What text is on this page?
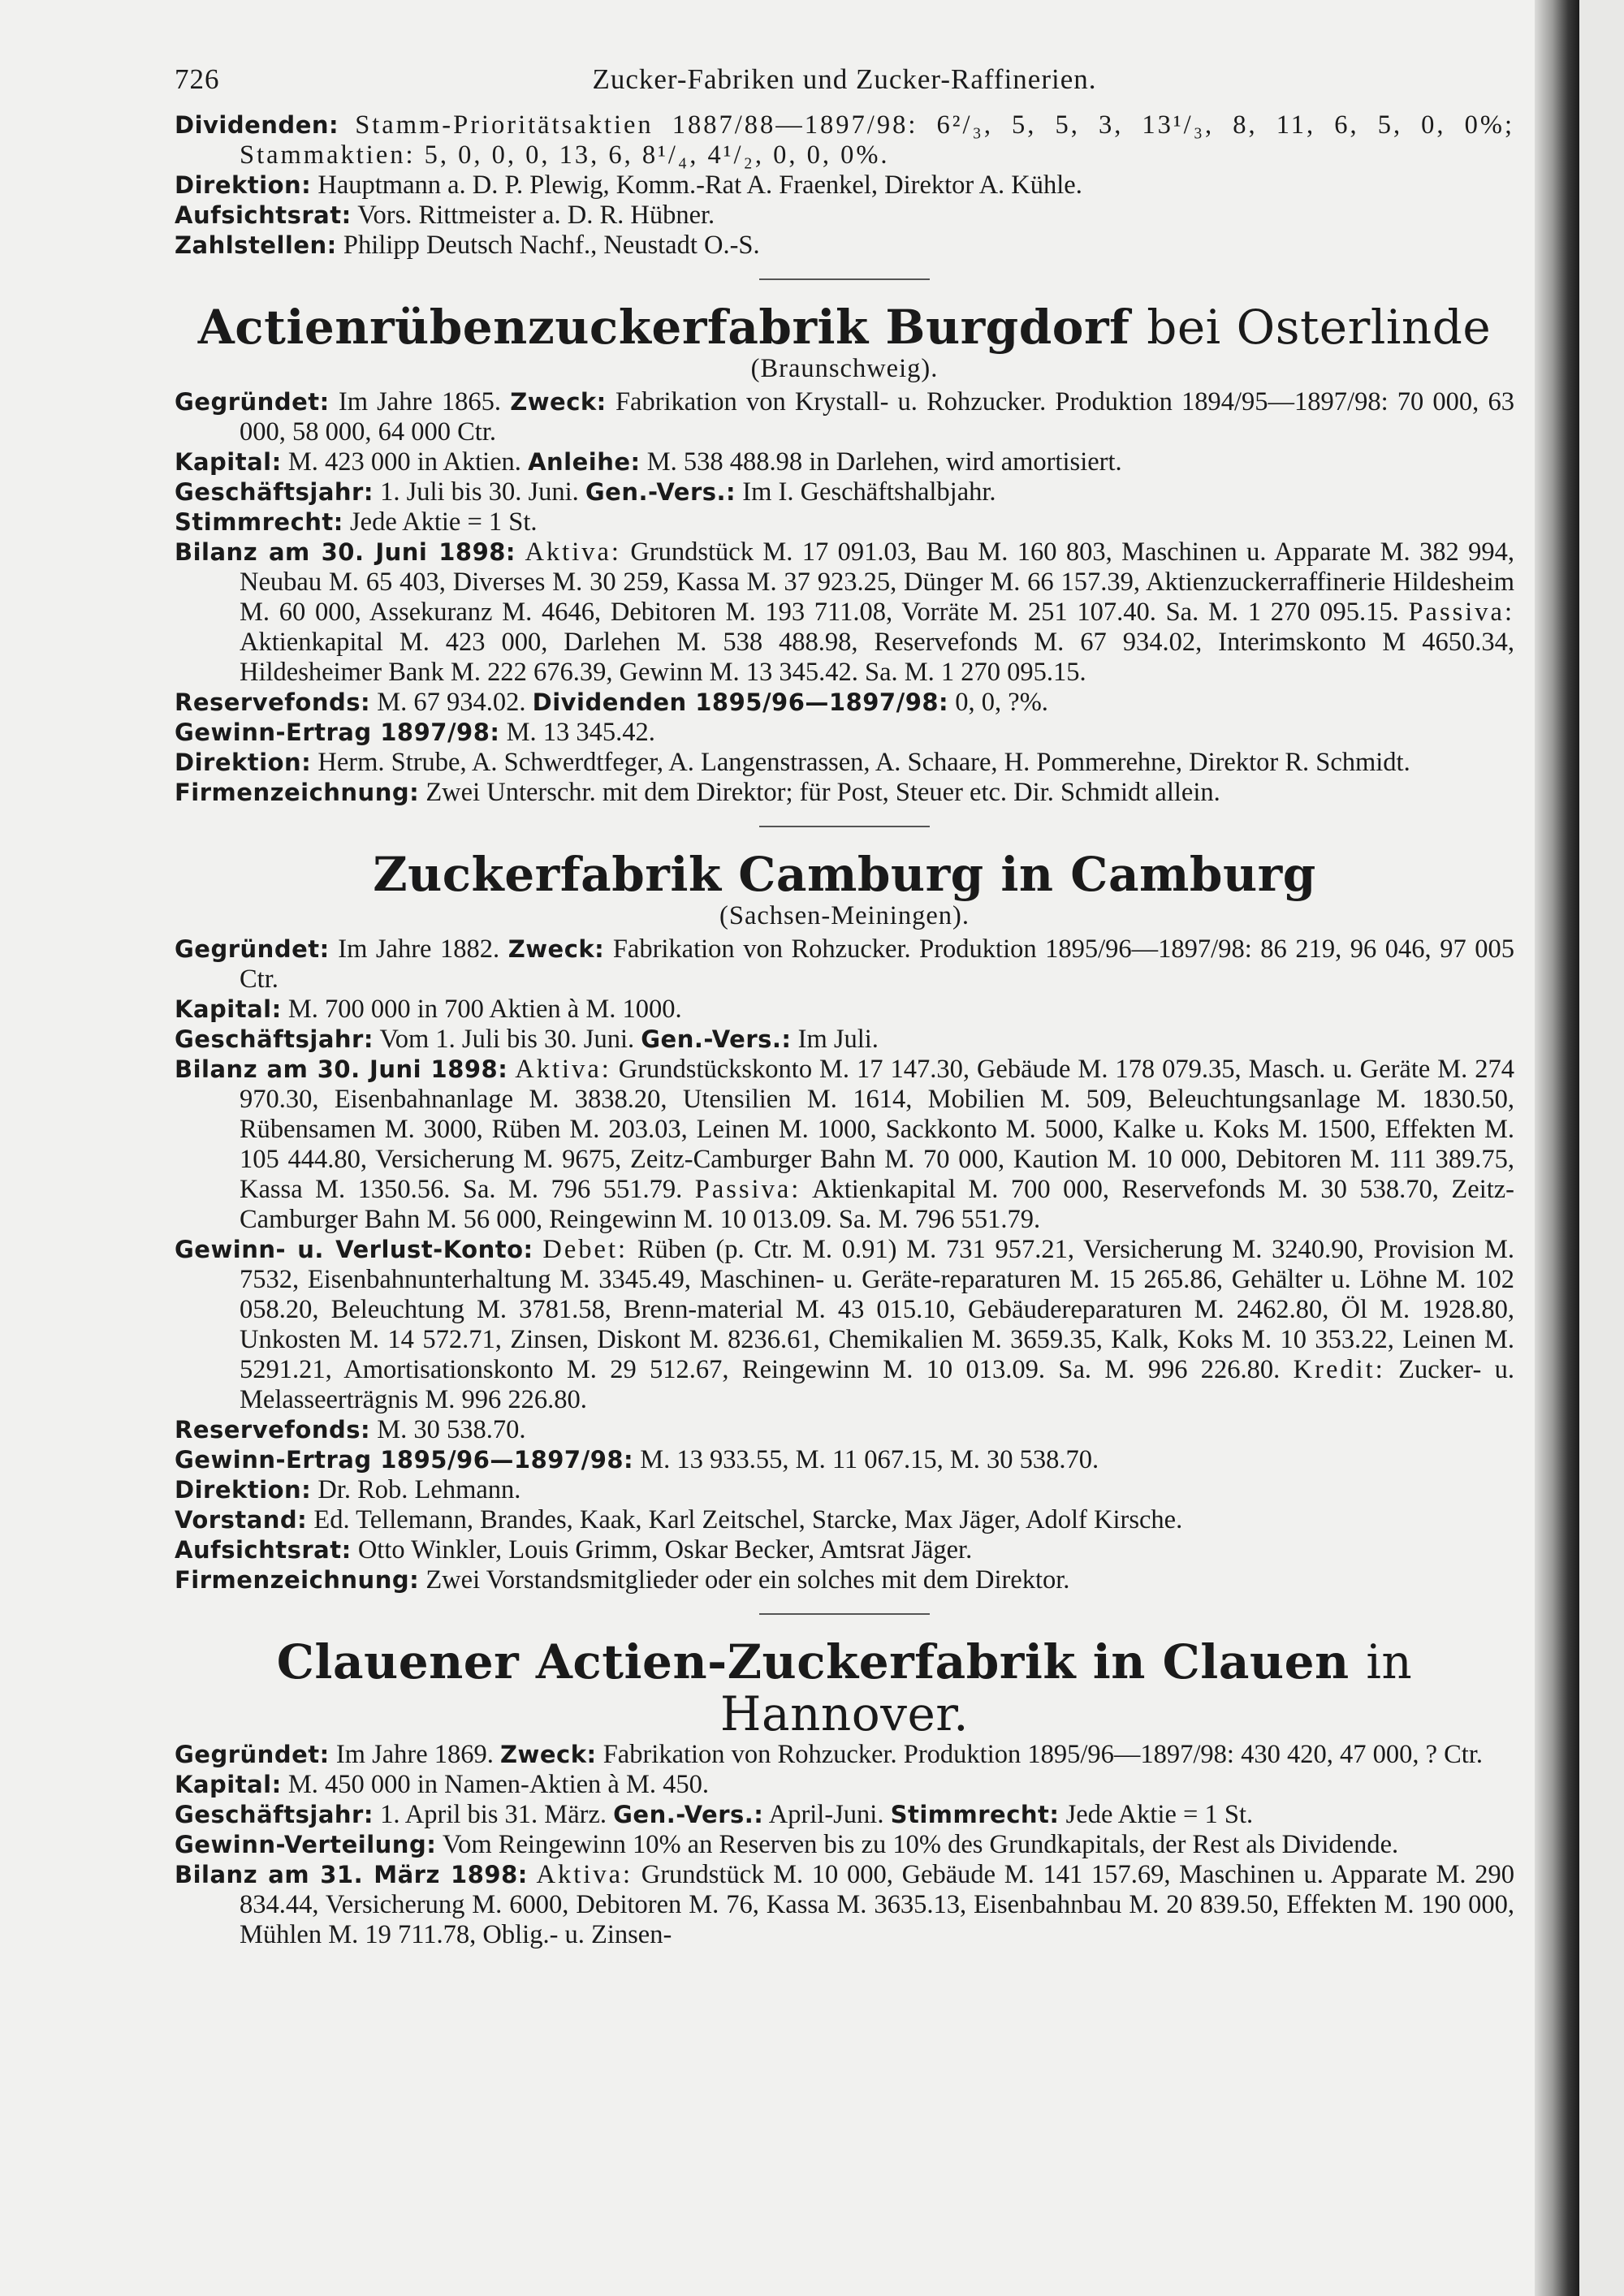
726	Zucker-Fabriken und Zucker-Raffinerien.

Dividenden: Stamm-Prioritätsaktien 1887/88—1897/98: 6²/₃, 5, 5, 3, 13¹/₃, 8, 11, 6, 5, 0, 0%; Stammaktien: 5, 0, 0, 0, 13, 6, 8¹/₄, 4¹/₂, 0, 0, 0%.

Direktion: Hauptmann a. D. P. Plewig, Komm.-Rat A. Fraenkel, Direktor A. Kühle.

Aufsichtsrat: Vors. Rittmeister a. D. R. Hübner.

Zahlstellen: Philipp Deutsch Nachf., Neustadt O.-S.

Actienrübenzuckerfabrik Burgdorf bei Osterlinde

(Braunschweig).

Gegründet: Im Jahre 1865. Zweck: Fabrikation von Krystall- u. Rohzucker. Produktion 1894/95—1897/98: 70 000, 63 000, 58 000, 64 000 Ctr.

Kapital: M. 423 000 in Aktien. Anleihe: M. 538 488.98 in Darlehen, wird amortisiert.

Geschäftsjahr: 1. Juli bis 30. Juni. Gen.-Vers.: Im I. Geschäftshalbjahr.

Stimmrecht: Jede Aktie = 1 St.

Bilanz am 30. Juni 1898: Aktiva: Grundstück M. 17 091.03, Bau M. 160 803, Maschinen u. Apparate M. 382 994, Neubau M. 65 403, Diverses M. 30 259, Kassa M. 37 923.25, Dünger M. 66 157.39, Aktienzuckerraffinerie Hildesheim M. 60 000, Assekuranz M. 4646, Debitoren M. 193 711.08, Vorräte M. 251 107.40. Sa. M. 1 270 095.15. Passiva: Aktienkapital M. 423 000, Darlehen M. 538 488.98, Reservefonds M. 67 934.02, Interimskonto M 4650.34, Hildesheimer Bank M. 222 676.39, Gewinn M. 13 345.42. Sa. M. 1 270 095.15.

Reservefonds: M. 67 934.02. Dividenden 1895/96—1897/98: 0, 0, ?%.

Gewinn-Ertrag 1897/98: M. 13 345.42.

Direktion: Herm. Strube, A. Schwerdtfeger, A. Langenstrassen, A. Schaare, H. Pommerehne, Direktor R. Schmidt.

Firmenzeichnung: Zwei Unterschr. mit dem Direktor; für Post, Steuer etc. Dir. Schmidt allein.

Zuckerfabrik Camburg in Camburg

(Sachsen-Meiningen).

Gegründet: Im Jahre 1882. Zweck: Fabrikation von Rohzucker. Produktion 1895/96—1897/98: 86 219, 96 046, 97 005 Ctr.

Kapital: M. 700 000 in 700 Aktien à M. 1000.

Geschäftsjahr: Vom 1. Juli bis 30. Juni. Gen.-Vers.: Im Juli.

Bilanz am 30. Juni 1898: Aktiva: Grundstückskonto M. 17 147.30, Gebäude M. 178 079.35, Masch. u. Geräte M. 274 970.30, Eisenbahnanlage M. 3838.20, Utensilien M. 1614, Mobilien M. 509, Beleuchtungsanlage M. 1830.50, Rübensamen M. 3000, Rüben M. 203.03, Leinen M. 1000, Sackkonto M. 5000, Kalke u. Koks M. 1500, Effekten M. 105 444.80, Versicherung M. 9675, Zeitz-Camburger Bahn M. 70 000, Kaution M. 10 000, Debitoren M. 111 389.75, Kassa M. 1350.56. Sa. M. 796 551.79. Passiva: Aktienkapital M. 700 000, Reservefonds M. 30 538.70, Zeitz-Camburger Bahn M. 56 000, Reingewinn M. 10 013.09. Sa. M. 796 551.79.

Gewinn- u. Verlust-Konto: Debet: Rüben (p. Ctr. M. 0.91) M. 731 957.21, Versicherung M. 3240.90, Provision M. 7532, Eisenbahnunterhaltung M. 3345.49, Maschinen- u. Geräte-reparaturen M. 15 265.86, Gehälter u. Löhne M. 102 058.20, Beleuchtung M. 3781.58, Brenn-material M. 43 015.10, Gebäudereparaturen M. 2462.80, Öl M. 1928.80, Unkosten M. 14 572.71, Zinsen, Diskont M. 8236.61, Chemikalien M. 3659.35, Kalk, Koks M. 10 353.22, Leinen M. 5291.21, Amortisationskonto M. 29 512.67, Reingewinn M. 10 013.09. Sa. M. 996 226.80. Kredit: Zucker- u. Melasseerträgnis M. 996 226.80.

Reservefonds: M. 30 538.70.

Gewinn-Ertrag 1895/96—1897/98: M. 13 933.55, M. 11 067.15, M. 30 538.70.

Direktion: Dr. Rob. Lehmann.

Vorstand: Ed. Tellemann, Brandes, Kaak, Karl Zeitschel, Starcke, Max Jäger, Adolf Kirsche.

Aufsichtsrat: Otto Winkler, Louis Grimm, Oskar Becker, Amtsrat Jäger.

Firmenzeichnung: Zwei Vorstandsmitglieder oder ein solches mit dem Direktor.

Clauener Actien-Zuckerfabrik in Clauen in Hannover.

Gegründet: Im Jahre 1869. Zweck: Fabrikation von Rohzucker. Produktion 1895/96—1897/98: 430 420, 47 000, ? Ctr.

Kapital: M. 450 000 in Namen-Aktien à M. 450.

Geschäftsjahr: 1. April bis 31. März. Gen.-Vers.: April-Juni. Stimmrecht: Jede Aktie = 1 St.

Gewinn-Verteilung: Vom Reingewinn 10% an Reserven bis zu 10% des Grundkapitals, der Rest als Dividende.

Bilanz am 31. März 1898: Aktiva: Grundstück M. 10 000, Gebäude M. 141 157.69, Maschinen u. Apparate M. 290 834.44, Versicherung M. 6000, Debitoren M. 76, Kassa M. 3635.13, Eisenbahnbau M. 20 839.50, Effekten M. 190 000, Mühlen M. 19 711.78, Oblig.- u. Zinsen-
